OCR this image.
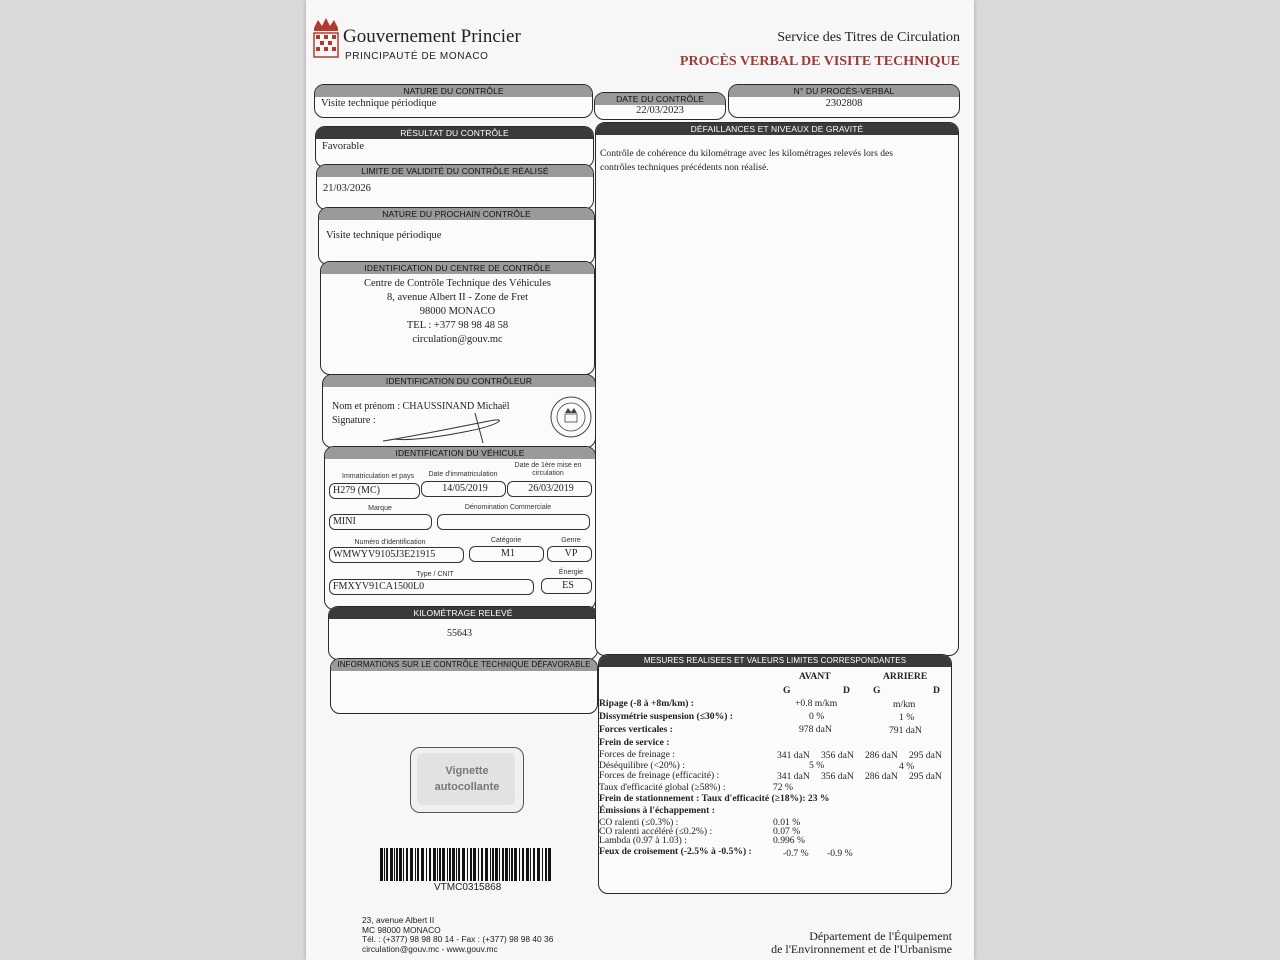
Gouvernement Princier
PRINCIPAUTÉ DE MONACO
Service des Titres de Circulation
PROCÈS VERBAL DE VISITE TECHNIQUE
NATURE DU CONTRÔLE
Visite technique périodique	DATE DU CONTRÔLE
22/03/2023
N° DU PROCÈS-VERBAL
2302808
RÉSULTAT DU CONTRÔLE
Favorable
LIMITE DE VALIDITÉ DU CONTRÔLE RÉALISÉ
21/03/2026
NATURE DU PROCHAIN CONTRÔLE
Visite technique périodique
IDENTIFICATION DU CENTRE DE CONTRÔLE
Centre de Contrôle Technique des Véhicules
8, avenue Albert II - Zone de Fret
98000 MONACO
TEL : +377 98 98 48 58
circulation@gouv.mc
IDENTIFICATION DU CONTRÔLEUR
Nom et prénom : CHAUSSINAND Michaël
Signature :
IDENTIFICATION DU VÉHICULE
Immatriculation et pays
H279 (MC)
Date d'immatriculation
14/05/2019
Date de 1ère mise en circulation
26/03/2019
Marque
MINI
Dénomination Commerciale
Numéro d'identification
WMWYV9105J3E21915
Catégorie
M1
Genre
VP
Type / CNIT
FMXYV91CA1500L0
Énergie
ES
KILOMÉTRAGE RELEVÉ
55643
INFORMATIONS SUR LE CONTRÔLE TECHNIQUE DÉFAVORABLE
DÉFAILLANCES ET NIVEAUX DE GRAVITÉ
Contrôle de cohérence du kilométrage avec les kilométrages relevés lors des
contrôles techniques précédents non réalisé.
MESURES REALISEES ET VALEURS LIMITES CORRESPONDANTES
AVANT	ARRIERE
G	D G	D
Ripage (-8 à +8m/km) :	+0.8 m/km	m/km
Dissymétrie suspension (≤30%) :	0 %	1 %
Forces verticales :	978 daN	791 daN
Frein de service :
Forces de freinage :	341 daN 356 daN 286 daN 295 daN
Déséquilibre (<20%) :	5 %	4 %
Forces de freinage (efficacité) :	341 daN 356 daN 286 daN 295 daN
Taux d'efficacité global (≥58%) :	72 %
Frein de stationnement : Taux d'efficacité (≥18%): 23 %
Émissions à l'échappement :
CO ralenti (≤0.3%) :	0.01 %
CO ralenti accéléré (≤0.2%) :	0.07 %
Lambda (0.97 à 1.03) :	0.996 %
Feux de croisement (-2.5% à -0.5%) :	-0.7 % -0.9 %
Vignette
autocollante
VTMC0315868
23, avenue Albert II
MC 98000 MONACO
Tél. : (+377) 98 98 80 14 - Fax : (+377) 98 98 40 36
circulation@gouv.mc - www.gouv.mc
Département de l'Équipement
de l'Environnement et de l'Urbanisme
